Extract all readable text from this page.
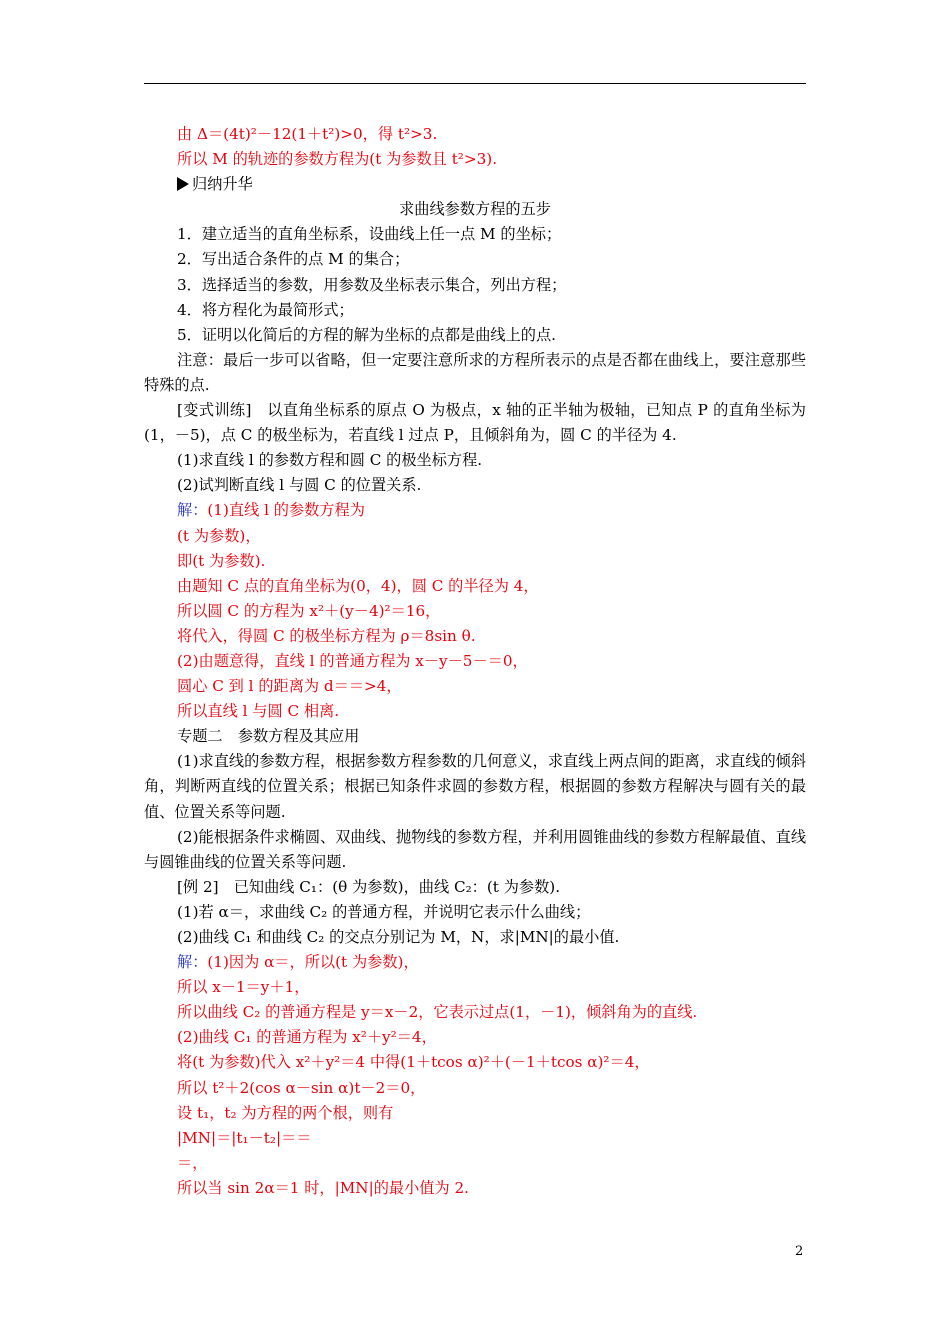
由 Δ＝(4t)²－12(1＋t²)>0，得 t²>3.
所以 M 的轨迹的参数方程为(t 为参数且 t²>3).
归纳升华
求曲线参数方程的五步
1．建立适当的直角坐标系，设曲线上任一点 M 的坐标；
2．写出适合条件的点 M 的集合；
3．选择适当的参数，用参数及坐标表示集合，列出方程；
4．将方程化为最简形式；
5．证明以化简后的方程的解为坐标的点都是曲线上的点.
注意：最后一步可以省略，但一定要注意所求的方程所表示的点是否都在曲线上，要注意那些特殊的点.
[变式训练]　以直角坐标系的原点 O 为极点，x 轴的正半轴为极轴，已知点 P 的直角坐标为(1，－5)，点 C 的极坐标为，若直线 l 过点 P，且倾斜角为，圆 C 的半径为 4.
(1)求直线 l 的参数方程和圆 C 的极坐标方程.
(2)试判断直线 l 与圆 C 的位置关系.
解：(1)直线 l 的参数方程为
(t 为参数)，
即(t 为参数).
由题知 C 点的直角坐标为(0，4)，圆 C 的半径为 4，
所以圆 C 的方程为 x²＋(y－4)²＝16，
将代入，得圆 C 的极坐标方程为 ρ＝8sin θ.
(2)由题意得，直线 l 的普通方程为 x－y－5－＝0，
圆心 C 到 l 的距离为 d＝＝>4，
所以直线 l 与圆 C 相离.
专题二　参数方程及其应用
(1)求直线的参数方程，根据参数方程参数的几何意义，求直线上两点间的距离，求直线的倾斜角，判断两直线的位置关系；根据已知条件求圆的参数方程，根据圆的参数方程解决与圆有关的最值、位置关系等问题.
(2)能根据条件求椭圆、双曲线、抛物线的参数方程，并利用圆锥曲线的参数方程解最值、直线与圆锥曲线的位置关系等问题.
[例 2]　已知曲线 C₁：(θ 为参数)，曲线 C₂：(t 为参数).
(1)若 α＝，求曲线 C₂ 的普通方程，并说明它表示什么曲线；
(2)曲线 C₁ 和曲线 C₂ 的交点分别记为 M，N，求|MN|的最小值.
解：(1)因为 α＝，所以(t 为参数)，
所以 x－1＝y＋1，
所以曲线 C₂ 的普通方程是 y＝x－2，它表示过点(1，－1)，倾斜角为的直线.
(2)曲线 C₁ 的普通方程为 x²＋y²＝4，
将(t 为参数)代入 x²＋y²＝4 中得(1＋tcos α)²＋(－1＋tcos α)²＝4，
所以 t²＋2(cos α－sin α)t－2＝0，
设 t₁，t₂ 为方程的两个根，则有
|MN|＝|t₁－t₂|＝＝
＝，
所以当 sin 2α＝1 时，|MN|的最小值为 2.
2
